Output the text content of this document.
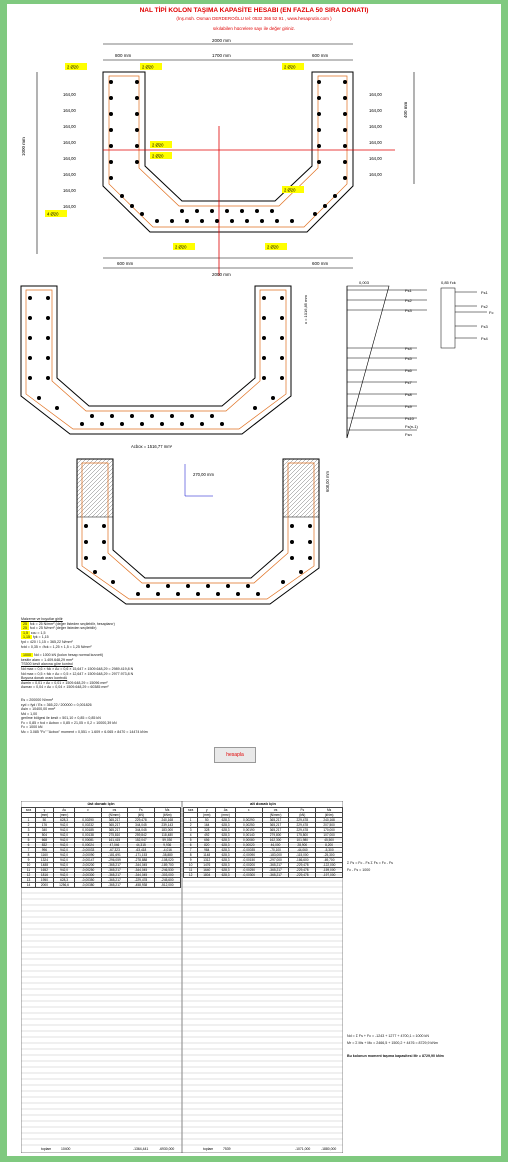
NAL TİPİ KOLON TAŞIMA KAPASİTE HESABI (EN FAZLA 50 SIRA DONATI)
(İnş.müh. Osman DERDEROĞLU tel: 0532 366 52 91 , www.hesaprutin.com )
sıkılabilen hücrelere sayı ile değer giriniz.
2000 mm
800 mm	1700 mm	600 mm
2000 mm
600 mm	600 mm
1000 mm
400 mm
164,00
164,00
164,00
164,00
164,00
164,00
164,00
164,00
164,00
164,00
164,00
164,00
164,00
164,00
2 Ø20
2 Ø20
2 Ø20
2 Ø20
2 Ø20
2 Ø20
4 Ø20
2 Ø20	2 Ø20
Acbox = 1516,77 mm²
x = 1016,85 mm
0,003	0,85 f'ck
Fs1
Fs2
Fs3
Fs4
Fs5
Fs6
Fs7
Fs8
Fs9
Fs10
Fs(n-1)
Fsn
Fs1
Fs2
Fc
Fs3
Fs4
270,00 mm	608,00 mm
Malzeme ve boyutlar girilir
25 fck = 25 N/mm² (değer listeden seçilebilir, hesaplanır)
25 fcd = 25 N/mm² (değer listeden seçilebilir)
1,5 εcu = 1,5
1,15 fyk = 1,15
fyd = 420 / 1,15 = 365,22 N/mm²
fctd = 0,35 × √fck = 1,25 × 1,5 = 1,25 N/mm²
1000 Nd = 1000 kN (kolon hesap normal kuvveti)
kesitin alanı = 1.409.648,29 mm²
TS500 kesit alanına göre kontrol
Nd max = 0,6 × fck × Ac = 0,6 × 15,647 × 1509.648,29 = 2989.419,8 N
Nd max = 0,5 × fck × Ac = 0,5 × 12,647 × 1509.648,29 = 2977.973,8 N
Boyuna donatı oranı kontrolü
Asmin = 0,01 × Ac = 0,01 × 1509.648,29 = 15096 mm²
Asmax = 0,04 × Ac = 0,04 × 1509.648,29 = 60385 mm²
Es = 200000 N/mm²
εyd = fyd / Es = 365,22 / 200000 = 0,001826
Asin = 10400,00 mm²
Md = 1,00
gerilme bölgesi ile kesit = 501,10 × 0,85 = 0,85 kN
Fc = 0,85 × fcd × Acbox = 0,85 × 21,05 × 0,2 = 10000,39 kN
Fc = 1000 kN
Mc = 3.085 "Fc" "Acbox" moment = 0,551 × 1.609 × 6.065 × 8470 = 14474 kNm
hesapla
üst donatı için
sıra	y	As	ε	σs	Fs	Ms
	(mm)	(mm²)		(N/mm²)	(kN)	(kNm)
1	50	628,3	0,00290	365,217	229,478	240,168
2	176	942,0	0,00232	365,217	344,045	239,143
3	340	942,0	0,00185	365,217	344,045	183,000
4	504	942,0	0,00138	275,810	259,842	118,480
5	668	942,0	0,00081	161,415	152,047	59,030
6	832	942,0	0,00024	47,046	44,315	9,936
7	996	942,0	-0,00033	-67,323	-63,418	-4,016
8	1160	942,0	-0,00090	-181,691	-171,153	-38,880
9	1324	942,0	-0,00147	-296,059	-278,888	-108,020
10	1488	942,0	-0,00200	-365,217	-344,045	-189,700
11	1652	942,0	-0,00250	-365,217	-344,045	-246,530
12	1816	942,0	-0,00300	-365,217	-344,045	-303,000
13	1950	628,3	-0,00350	-365,217	-229,478	-245,600
14	2000	1256,6	-0,00380	-365,217	-458,938	-512,000
alt donatı için
sıra	y	As	ε	σs	Fs	Ms
	(mm)	(mm²)		(N/mm²)	(kN)	(kNm)
1	50	628,3	0,00290	365,217	229,478	240,168
2	164	628,3	0,00250	365,217	229,478	207,500
3	328	628,3	0,00190	365,217	229,478	170,000
4	492	628,3	0,00140	279,800	175,800	107,000
5	656	628,3	0,00080	162,300	101,980	45,500
6	820	628,3	0,00020	46,000	28,900	8,200
7	984	628,3	-0,00035	-70,100	-44,060	-5,300
8	1148	628,3	-0,00090	-183,000	-115,000	-25,300
9	1312	628,3	-0,00150	-297,000	-186,600	-69,700
10	1476	628,3	-0,00200	-365,217	-229,478	-122,000
11	1640	628,3	-0,00250	-365,217	-229,478	-159,000
12	1804	628,3	-0,00300	-365,217	-229,478	-197,000
toplam	10400	-1364,441	-6930,000	toplam	7539	-1071,000	-1880,000
Σ Fs = Fc - Fs Σ Fs = Fc - Fs
Fc - Fs = 1000
Nd = Σ Fs + Fc = -1243 + 1277 + 4700,1 = 1000 kN
Mr = Σ Ms + Mc = 2466,5 + 1500,2 + 4476 = 8729,9 kNm
Bu kolonun moment taşıma kapasitesi Mr = 8729,90 kNm
